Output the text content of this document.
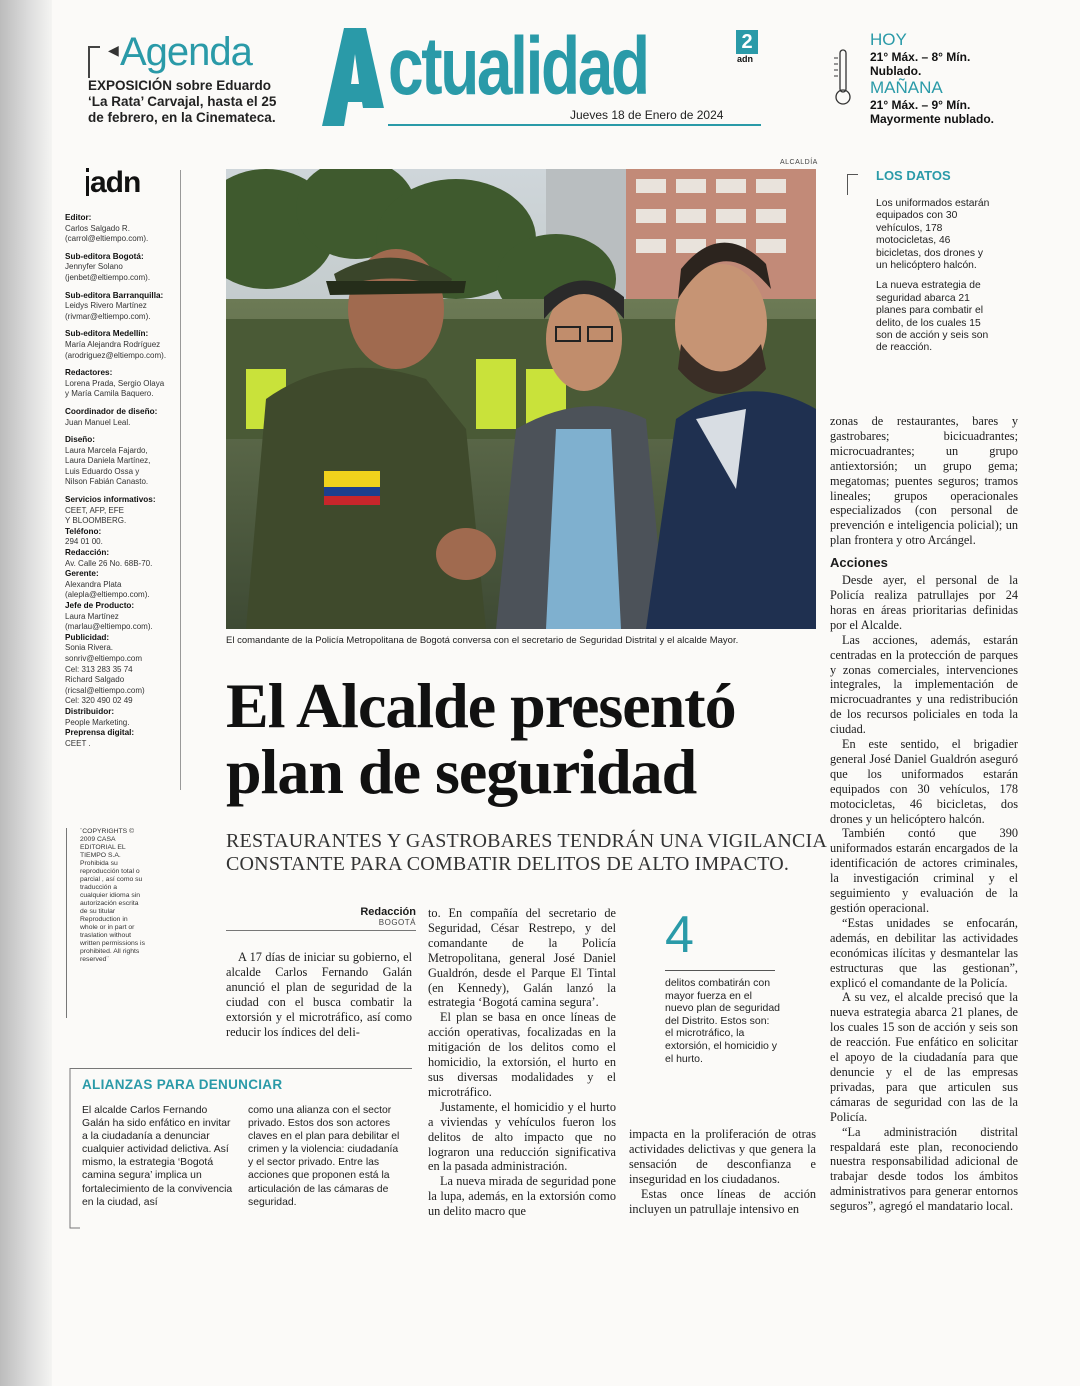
◀ Agenda
EXPOSICIÓN sobre Eduardo ‘La Rata’ Carvajal, hasta el 25 de febrero, en la Cinemateca.
ctualidad
Jueves 18 de Enero de 2024
2
adn
HOY
21° Máx. – 8° Mín. Nublado.
MAÑANA
21° Máx. – 9° Mín. Mayormente nublado.
adn
Editor:
Carlos Salgado R.
(carrol@eltiempo.com).
Sub-editora Bogotá:
Jennyfer Solano
(jenbet@eltiempo.com).
Sub-editora Barranquilla:
Leidys Rivero Martínez
(rivmar@eltiempo.com).
Sub-editora Medellín:
María Alejandra Rodríguez
(arodriguez@eltiempo.com).
Redactores:
Lorena Prada, Sergio Olaya
y María Camila Baquero.
Coordinador de diseño:
Juan Manuel Leal.
Diseño:
Laura Marcela Fajardo,
Laura Daniela Martínez,
Luis Eduardo Ossa y
Nilson Fabián Canasto.
Servicios informativos:
CEET, AFP, EFE
Y BLOOMBERG.
Teléfono:
294 01 00.
Redacción:
Av. Calle 26 No. 68B-70.
Gerente:
Alexandra Plata
(alepla@eltiempo.com).
Jefe de Producto:
Laura Martínez
(marlau@eltiempo.com).
Publicidad:
Sonia Rivera.
sonriv@eltiempo.com
Cel: 313 283 35 74
Richard Salgado
(ricsal@eltiempo.com)
Cel: 320 490 02 49
Distribuidor:
People Marketing.
Preprensa digital:
CEET .
¨COPYRIGHTS © 2009 CASA EDITORIAL EL TIEMPO S.A. Prohibida su reproducción total o parcial , así como su traducción a cualquier idioma sin autorización escrita de su titular Reproduction in whole or in part or traslation without written permissions is prohibited. All rights reserved¨
ALCALDÍA
El comandante de la Policía Metropolitana de Bogotá conversa con el secretario de Seguridad Distrital y el alcalde Mayor.
El Alcalde presentó plan de seguridad
RESTAURANTES Y GASTROBARES TENDRÁN UNA VIGILANCIA CONSTANTE PARA COMBATIR DELITOS DE ALTO IMPACTO.
Redacción
BOGOTÁ

A 17 días de iniciar su gobierno, el alcalde Carlos Fernando Galán anunció el plan de seguridad de la ciudad con el busca combatir la extorsión y el microtráfico, así como reducir los índices del deli-

to. En compañía del secretario de Seguridad, César Restrepo, y del comandante de la Policía Metropolitana, general José Daniel Gualdrón, desde el Parque El Tintal (en Kennedy), Galán lanzó la estrategia ‘Bogotá camina segura’.

El plan se basa en once líneas de acción operativas, focalizadas en la mitigación de los delitos como el homicidio, la extorsión, el hurto en sus diversas modalidades y el microtráfico.

Justamente, el homicidio y el hurto a viviendas y vehículos fueron los delitos de alto impacto que no lograron una reducción significativa en la pasada administración.

La nueva mirada de seguridad pone la lupa, además, en la extorsión como un delito macro que

4
delitos combatirán con mayor fuerza en el nuevo plan de seguridad del Distrito. Estos son: el microtráfico, la extorsión, el homicidio y el hurto.

impacta en la proliferación de otras actividades delictivas y que genera la sensación de desconfianza e inseguridad en los ciudadanos.

Estas once líneas de acción incluyen un patrullaje intensivo en

zonas de restaurantes, bares y gastrobares; bicicuadrantes; microcuadrantes; un grupo antiextorsión; un grupo gema; megatomas; puentes seguros; tramos lineales; grupos operacionales especializados (con personal de prevención e inteligencia policial); un plan frontera y otro Arcángel.

Acciones

Desde ayer, el personal de la Policía realiza patrullajes por 24 horas en áreas prioritarias definidas por el Alcalde.

Las acciones, además, estarán centradas en la protección de parques y zonas comerciales, intervenciones integrales, la implementación de microcuadrantes y una redistribución de los recursos policiales en toda la ciudad.

En este sentido, el brigadier general José Daniel Gualdrón aseguró que los uniformados estarán equipados con 30 vehículos, 178 motocicletas, 46 bicicletas, dos drones y un helicóptero halcón.

También contó que 390 uniformados estarán encargados de la identificación de actores criminales, la investigación criminal y el seguimiento y evaluación de la gestión operacional.

“Estas unidades se enfocarán, además, en debilitar las actividades económicas ilícitas y desmantelar las estructuras que las gestionan”, explicó el comandante de la Policía.

A su vez, el alcalde precisó que la nueva estrategia abarca 21 planes, de los cuales 15 son de acción y seis son de reacción. Fue enfático en solicitar el apoyo de la ciudadanía para que denuncie y el de las empresas privadas, para que articulen sus cámaras de seguridad con las de la Policía.

“La administración distrital respaldará este plan, reconociendo nuestra responsabilidad adicional de trabajar desde todos los ámbitos administrativos para generar entornos seguros”, agregó el mandatario local.

LOS DATOS

Los uniformados estarán equipados con 30 vehículos, 178 motocicletas, 46 bicicletas, dos drones y un helicóptero halcón.

La nueva estrategia de seguridad abarca 21 planes para combatir el delito, de los cuales 15 son de acción y seis son de reacción.

ALIANZAS PARA DENUNCIAR
El alcalde Carlos Fernando Galán ha sido enfático en invitar a la ciudadanía a denunciar cualquier actividad delictiva. Así mismo, la estrategia ‘Bogotá camina segura’ implica un fortalecimiento de la convivencia en la ciudad, así
como una alianza con el sector privado. Estos dos son actores claves en el plan para debilitar el crimen y la violencia: ciudadanía y el sector privado. Entre las acciones que proponen está la articulación de las cámaras de seguridad.
